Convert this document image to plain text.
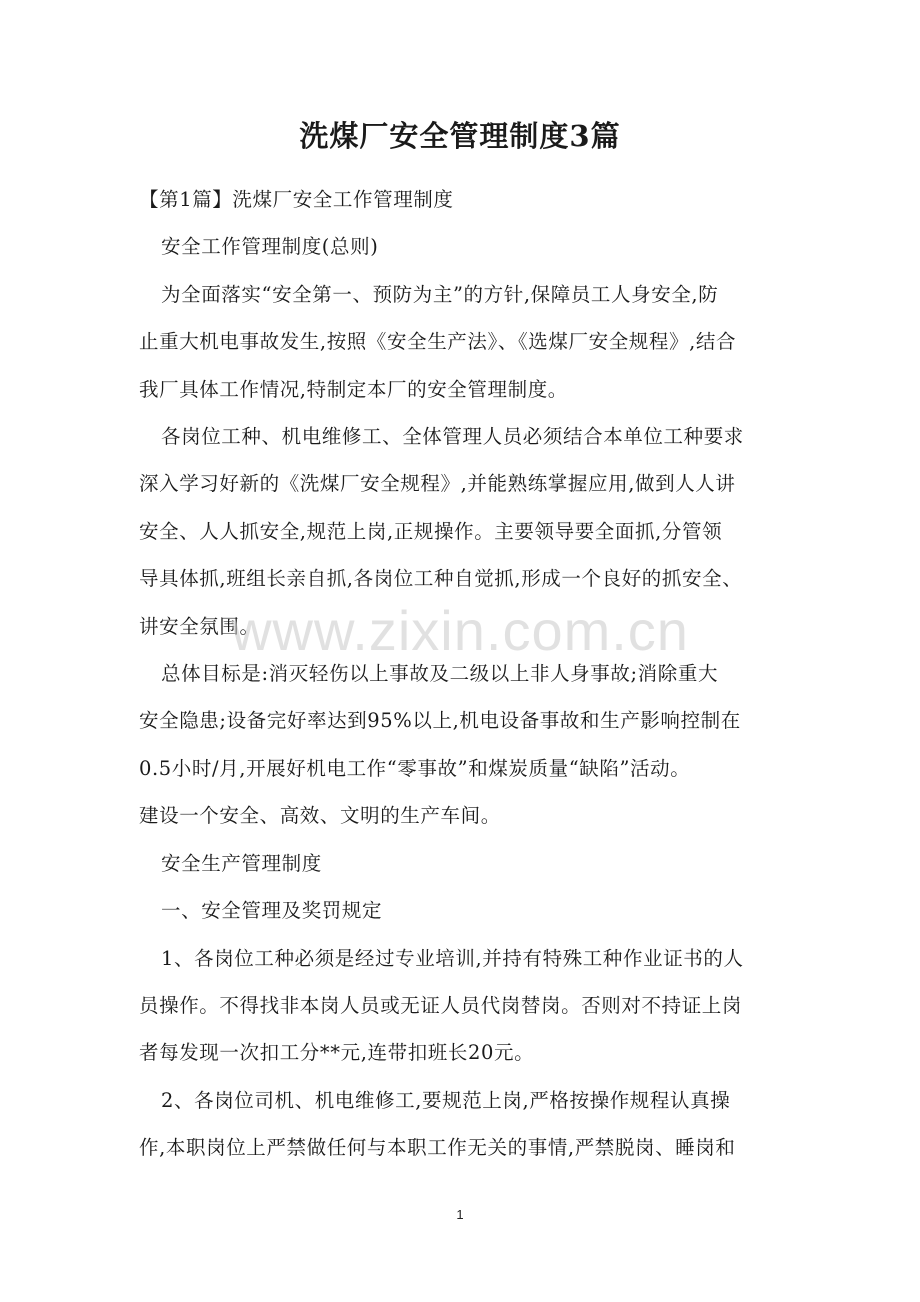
洗煤厂安全管理制度3篇

【第1篇】洗煤厂安全工作管理制度

安全工作管理制度(总则)

为全面落实“安全第一、预防为主”的方针,保障员工人身安全,防
止重大机电事故发生,按照《安全生产法》、《选煤厂安全规程》,结合
我厂具体工作情况,特制定本厂的安全管理制度。

各岗位工种、机电维修工、全体管理人员必须结合本单位工种要求
深入学习好新的《洗煤厂安全规程》,并能熟练掌握应用,做到人人讲
安全、人人抓安全,规范上岗,正规操作。主要领导要全面抓,分管领
导具体抓,班组长亲自抓,各岗位工种自觉抓,形成一个良好的抓安全、
讲安全氛围。

总体目标是:消灭轻伤以上事故及二级以上非人身事故;消除重大
安全隐患;设备完好率达到95%以上,机电设备事故和生产影响控制在
0.5小时/月,开展好机电工作“零事故”和煤炭质量“缺陷”活动。
建设一个安全、高效、文明的生产车间。

安全生产管理制度

一、安全管理及奖罚规定

1、各岗位工种必须是经过专业培训,并持有特殊工种作业证书的人
员操作。不得找非本岗人员或无证人员代岗替岗。否则对不持证上岗
者每发现一次扣工分**元,连带扣班长20元。

2、各岗位司机、机电维修工,要规范上岗,严格按操作规程认真操
作,本职岗位上严禁做任何与本职工作无关的事情,严禁脱岗、睡岗和

www.zixin.com.cn
1
